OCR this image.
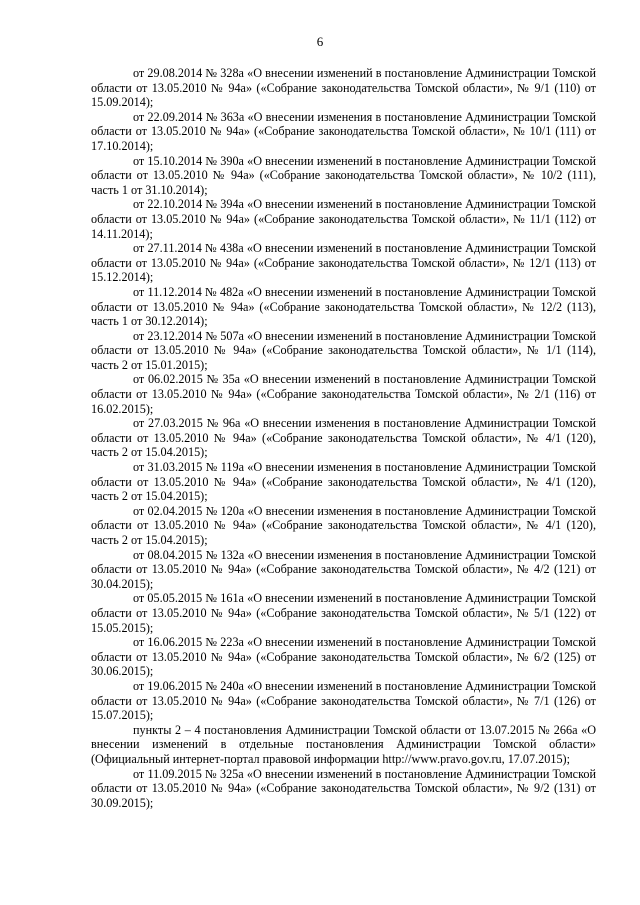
6

от 29.08.2014 № 328а «О внесении изменений в постановление Администрации Томской области от 13.05.2010 № 94а» («Собрание законодательства Томской области», № 9/1 (110) от 15.09.2014);

от 22.09.2014 № 363а «О внесении изменения в постановление Администрации Томской области от 13.05.2010 № 94а» («Собрание законодательства Томской области», № 10/1 (111) от 17.10.2014);

от 15.10.2014 № 390а «О внесении изменений в постановление Администрации Томской области от 13.05.2010 № 94а» («Собрание законодательства Томской области», № 10/2 (111), часть 1 от 31.10.2014);

от 22.10.2014 № 394а «О внесении изменений в постановление Администрации Томской области от 13.05.2010 № 94а» («Собрание законодательства Томской области», № 11/1 (112) от 14.11.2014);

от 27.11.2014 № 438а «О внесении изменений в постановление Администрации Томской области от 13.05.2010 № 94а» («Собрание законодательства Томской области», № 12/1 (113) от 15.12.2014);

от 11.12.2014 № 482а «О внесении изменений в постановление Администрации Томской области от 13.05.2010 № 94а» («Собрание законодательства Томской области», № 12/2 (113), часть 1 от 30.12.2014);

от 23.12.2014 № 507а «О внесении изменений в постановление Администрации Томской области от 13.05.2010 № 94а» («Собрание законодательства Томской области», № 1/1 (114), часть 2 от 15.01.2015);

от 06.02.2015 № 35а «О внесении изменений в постановление Администрации Томской области от 13.05.2010 № 94а» («Собрание законодательства Томской области», № 2/1 (116) от 16.02.2015);

от 27.03.2015 № 96а «О внесении изменения в постановление Администрации Томской области от 13.05.2010 № 94а» («Собрание законодательства Томской области», № 4/1 (120), часть 2 от 15.04.2015);

от 31.03.2015 № 119а «О внесении изменения в постановление Администрации Томской области от 13.05.2010 № 94а» («Собрание законодательства Томской области», № 4/1 (120), часть 2 от 15.04.2015);

от 02.04.2015 № 120а «О внесении изменения в постановление Администрации Томской области от 13.05.2010 № 94а» («Собрание законодательства Томской области», № 4/1 (120), часть 2 от 15.04.2015);

от 08.04.2015 № 132а «О внесении изменения в постановление Администрации Томской области от 13.05.2010 № 94а» («Собрание законодательства Томской области», № 4/2 (121) от 30.04.2015);

от 05.05.2015 № 161а «О внесении изменений в постановление Администрации Томской области от 13.05.2010 № 94а» («Собрание законодательства Томской области», № 5/1 (122) от 15.05.2015);

от 16.06.2015 № 223а «О внесении изменений в постановление Администрации Томской области от 13.05.2010 № 94а» («Собрание законодательства Томской области», № 6/2 (125) от 30.06.2015);

от 19.06.2015 № 240а «О внесении изменений в постановление Администрации Томской области от 13.05.2010 № 94а» («Собрание законодательства Томской области», № 7/1 (126) от 15.07.2015);

пункты 2 – 4 постановления Администрации Томской области от 13.07.2015 № 266а «О внесении изменений в отдельные постановления Администрации Томской области» (Официальный интернет-портал правовой информации http://www.pravo.gov.ru, 17.07.2015);

от 11.09.2015 № 325а «О внесении изменений в постановление Администрации Томской области от 13.05.2010 № 94а» («Собрание законодательства Томской области», № 9/2 (131) от 30.09.2015);
